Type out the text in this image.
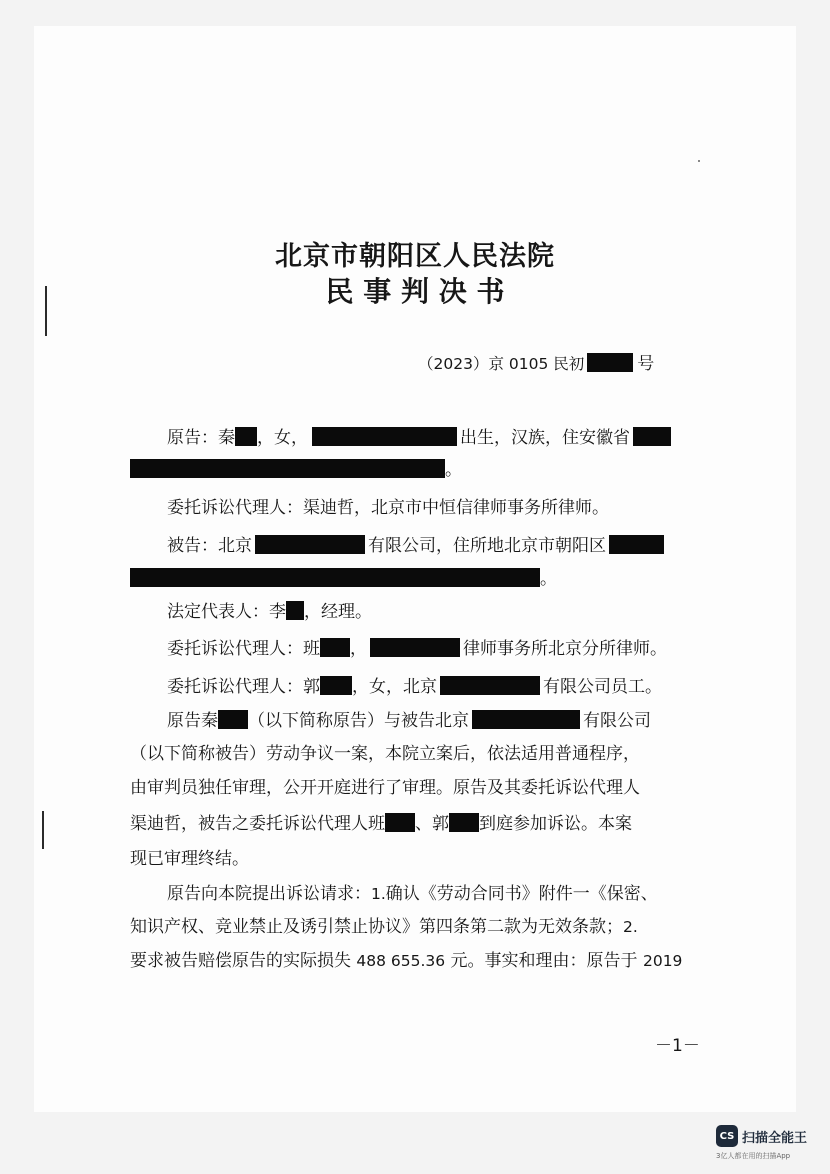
北京市朝阳区人民法院
民 事 判 决 书
（2023）京 0105 民初	号
原告：秦 ，女，	出生，汉族，住安徽省
。
委托诉讼代理人：渠迪哲，北京市中恒信律师事务所律师。
被告：北京	有限公司，住所地北京市朝阳区
。
法定代表人：李 ，经理。
委托诉讼代理人：班 ，	律师事务所北京分所律师。
委托诉讼代理人：郭 ，女，北京	有限公司员工。
原告秦 （以下简称原告）与被告北京	有限公司
（以下简称被告）劳动争议一案，本院立案后，依法适用普通程序，
由审判员独任审理，公开开庭进行了审理。原告及其委托诉讼代理人
渠迪哲，被告之委托诉讼代理人班 、郭 到庭参加诉讼。本案
现已审理终结。
原告向本院提出诉讼请求：1.确认《劳动合同书》附件一《保密、
知识产权、竞业禁止及诱引禁止协议》第四条第二款为无效条款；2.
要求被告赔偿原告的实际损失 488 655.36 元。事实和理由：原告于 2019
－1－
CS 扫描全能王
3亿人都在用的扫描App
